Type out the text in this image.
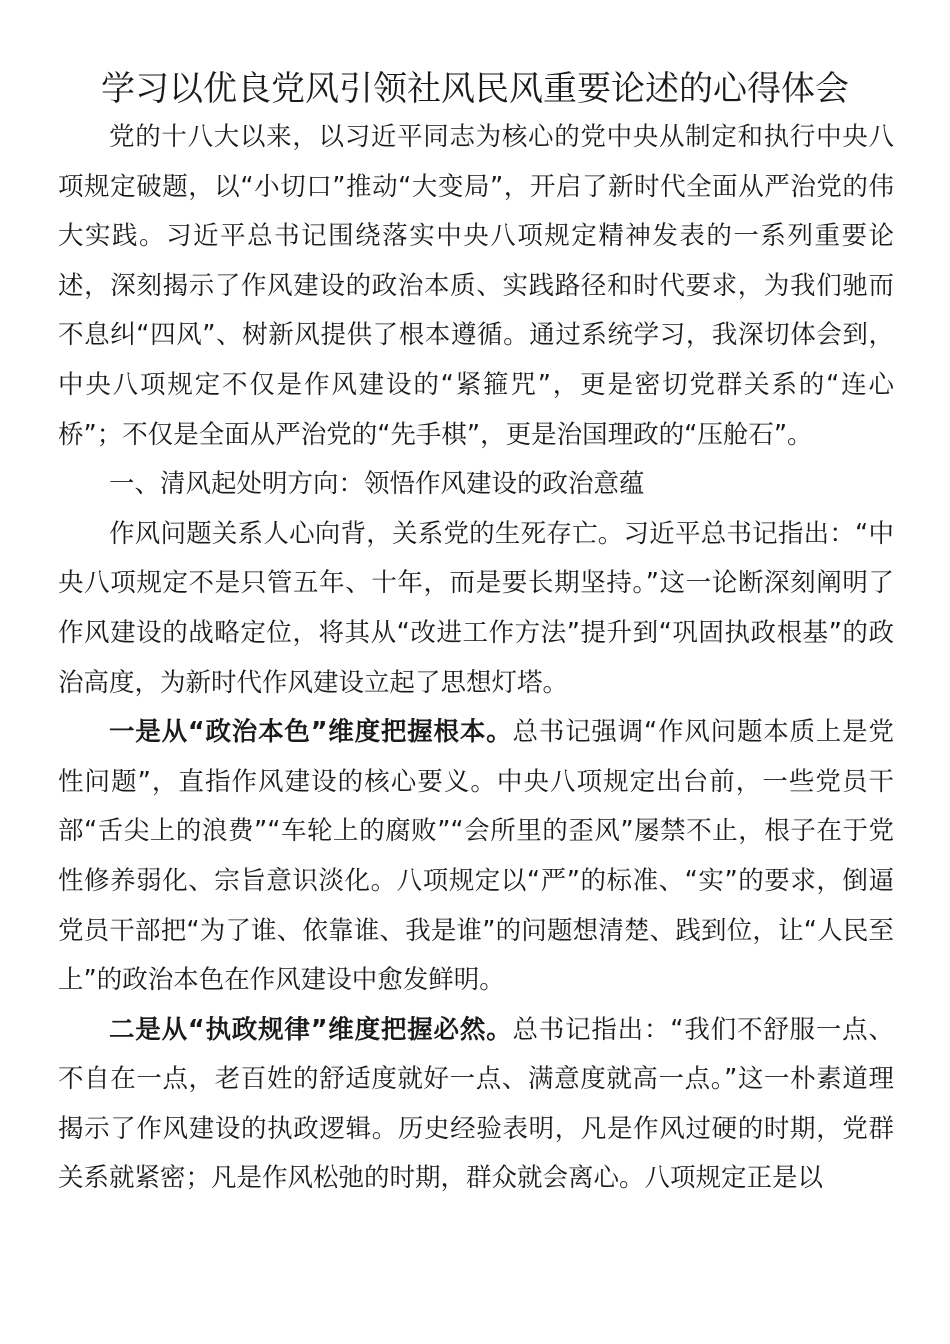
学习以优良党风引领社风民风重要论述的心得体会

党的十八大以来，以习近平同志为核心的党中央从制定和执行中央八项规定破题，以“小切口”推动“大变局”，开启了新时代全面从严治党的伟大实践。习近平总书记围绕落实中央八项规定精神发表的一系列重要论述，深刻揭示了作风建设的政治本质、实践路径和时代要求，为我们驰而不息纠“四风”、树新风提供了根本遵循。通过系统学习，我深切体会到，中央八项规定不仅是作风建设的“紧箍咒”，更是密切党群关系的“连心桥”；不仅是全面从严治党的“先手棋”，更是治国理政的“压舱石”。

一、清风起处明方向：领悟作风建设的政治意蕴

作风问题关系人心向背，关系党的生死存亡。习近平总书记指出：“中央八项规定不是只管五年、十年，而是要长期坚持。”这一论断深刻阐明了作风建设的战略定位，将其从“改进工作方法”提升到“巩固执政根基”的政治高度，为新时代作风建设立起了思想灯塔。

一是从“政治本色”维度把握根本。总书记强调“作风问题本质上是党性问题”，直指作风建设的核心要义。中央八项规定出台前，一些党员干部“舌尖上的浪费”“车轮上的腐败”“会所里的歪风”屡禁不止，根子在于党性修养弱化、宗旨意识淡化。八项规定以“严”的标准、“实”的要求，倒逼党员干部把“为了谁、依靠谁、我是谁”的问题想清楚、践到位，让“人民至上”的政治本色在作风建设中愈发鲜明。

二是从“执政规律”维度把握必然。总书记指出：“我们不舒服一点、不自在一点，老百姓的舒适度就好一点、满意度就高一点。”这一朴素道理揭示了作风建设的执政逻辑。历史经验表明，凡是作风过硬的时期，党群关系就紧密；凡是作风松弛的时期，群众就会离心。八项规定正是以
